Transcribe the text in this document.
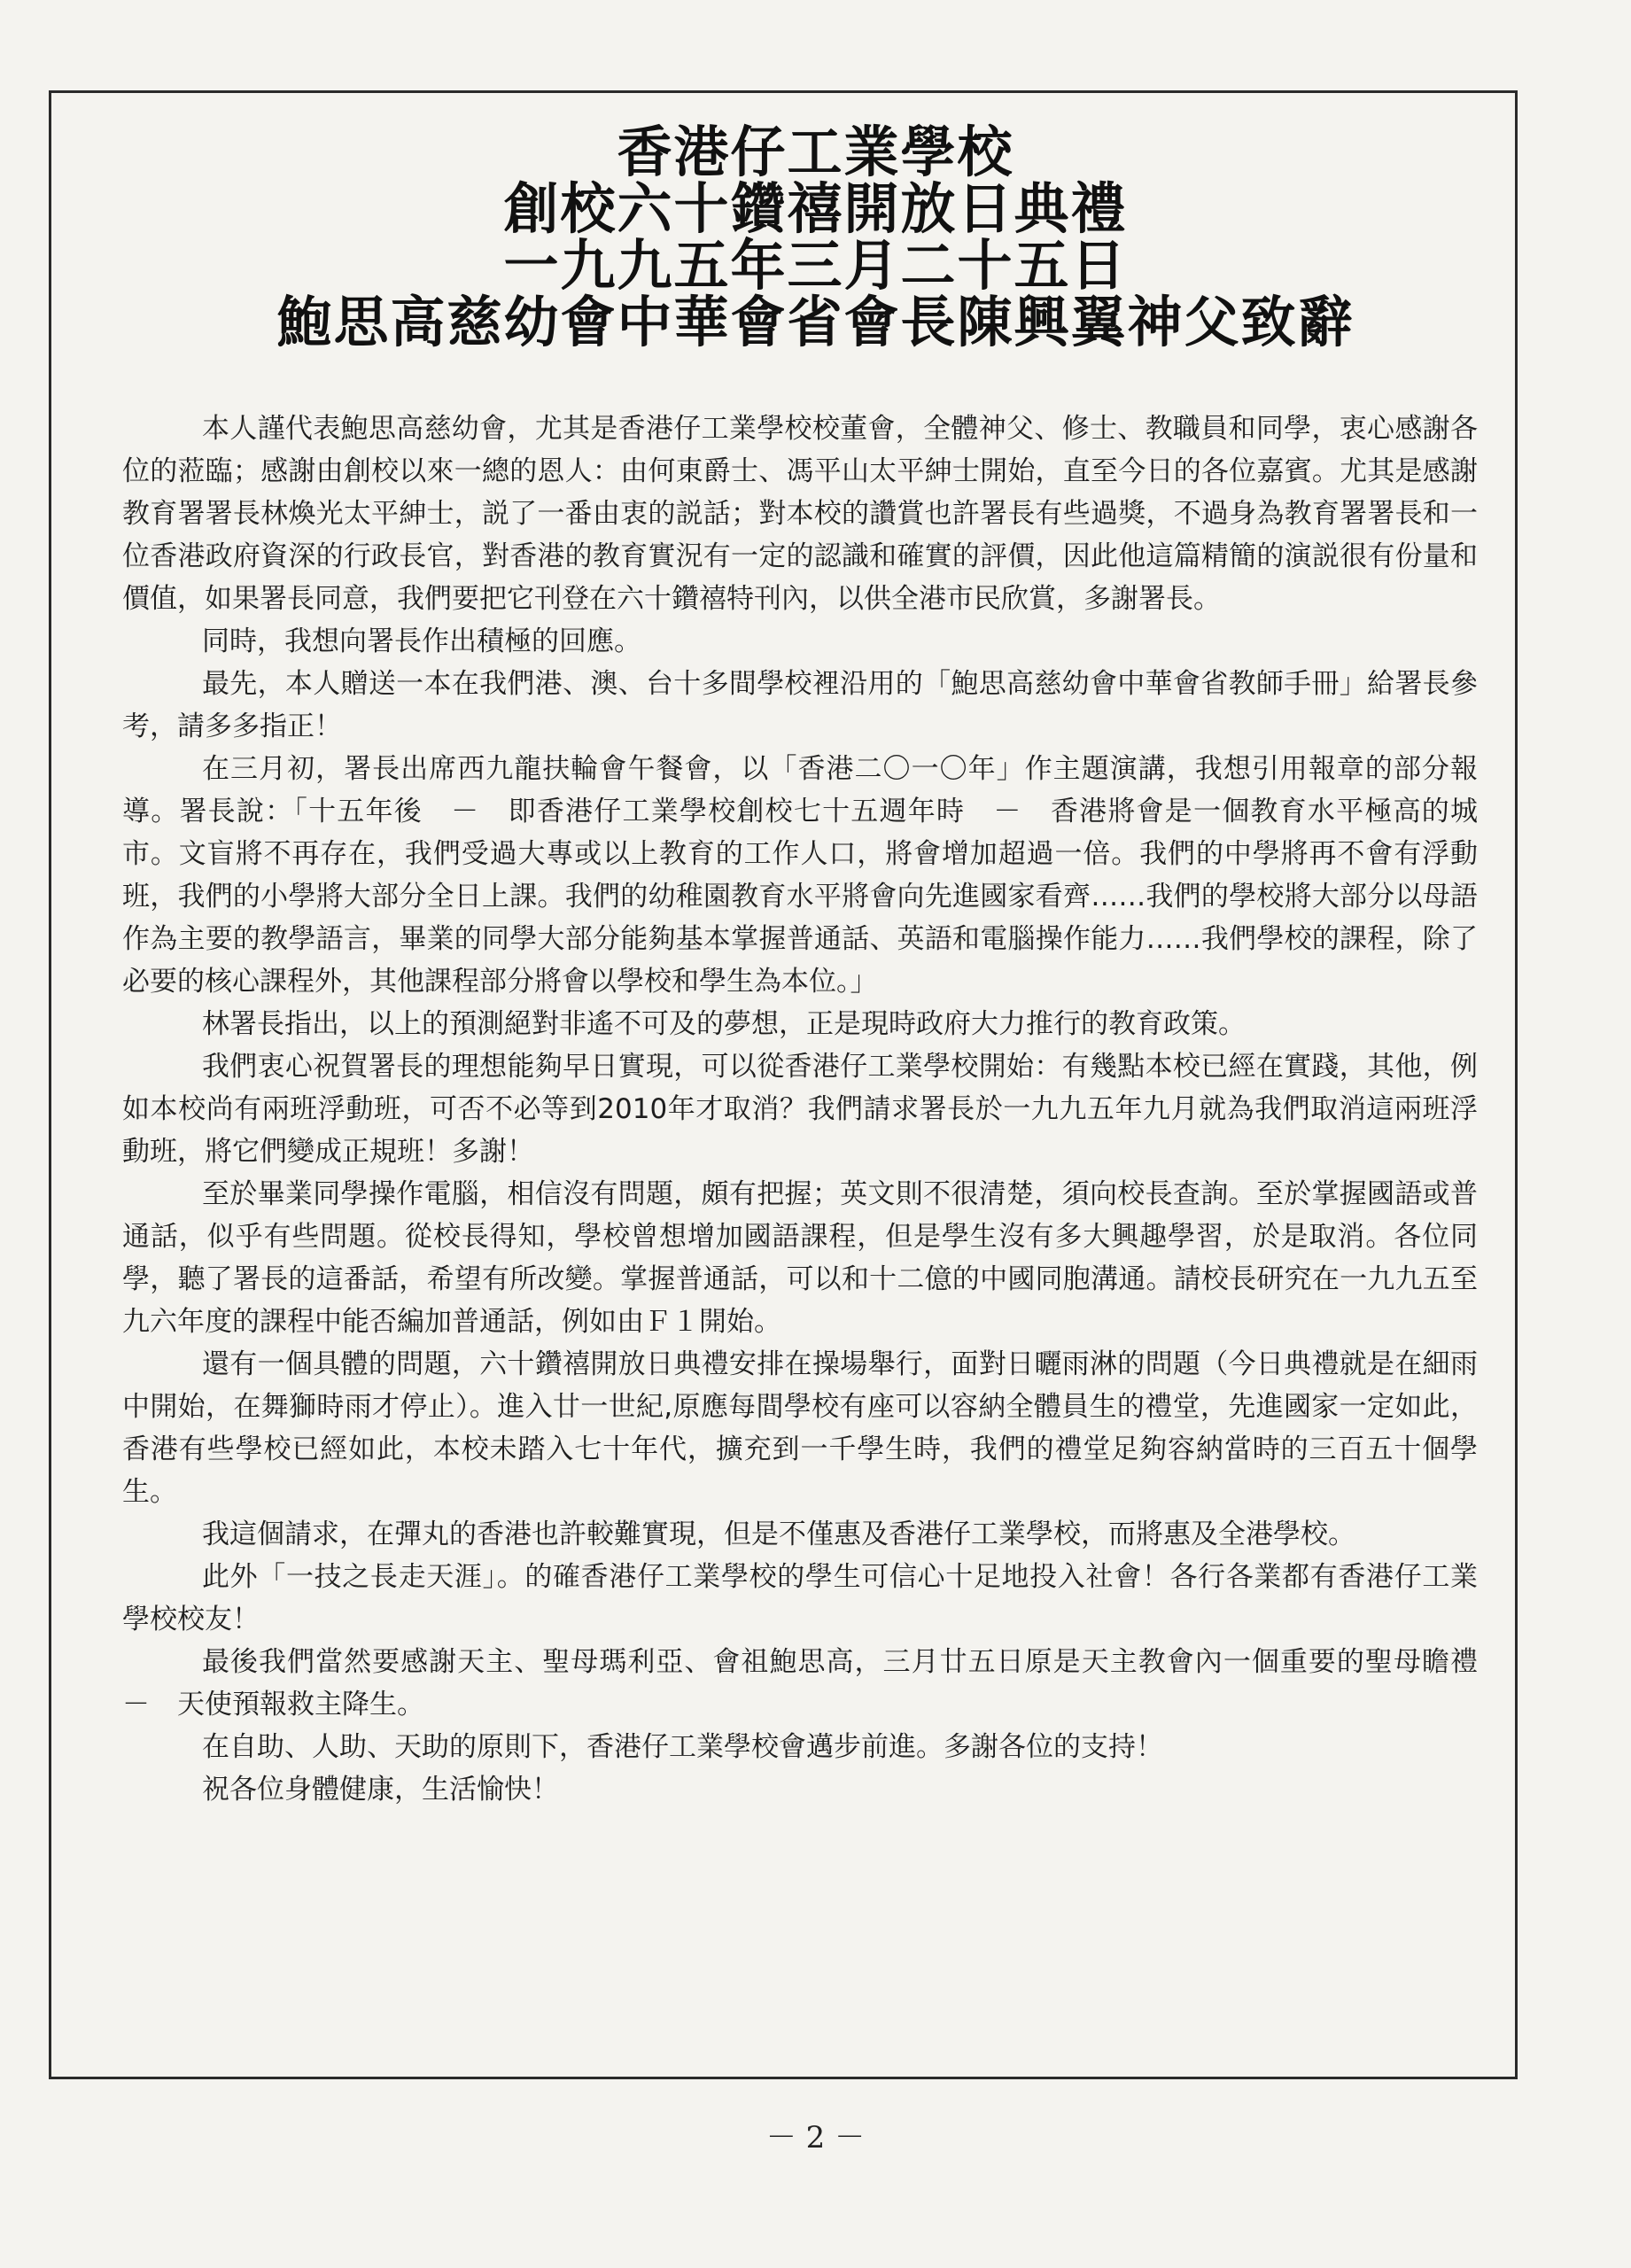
香港仔工業學校
創校六十鑽禧開放日典禮
一九九五年三月二十五日
鮑思高慈幼會中華會省會長陳興翼神父致辭

本人謹代表鮑思高慈幼會，尤其是香港仔工業學校校董會，全體神父、修士、教職員和同學，衷心感謝各位的蒞臨；感謝由創校以來一總的恩人：由何東爵士、馮平山太平紳士開始，直至今日的各位嘉賓。尤其是感謝教育署署長林煥光太平紳士，説了一番由衷的説話；對本校的讚賞也許署長有些過獎，不過身為教育署署長和一位香港政府資深的行政長官，對香港的教育實況有一定的認識和確實的評價，因此他這篇精簡的演説很有份量和價值，如果署長同意，我們要把它刊登在六十鑽禧特刊內，以供全港市民欣賞，多謝署長。

同時，我想向署長作出積極的回應。

最先，本人贈送一本在我們港、澳、台十多間學校裡沿用的「鮑思高慈幼會中華會省教師手冊」給署長參考，請多多指正！

在三月初，署長出席西九龍扶輪會午餐會，以「香港二〇一〇年」作主題演講，我想引用報章的部分報導。署長說：「十五年後　－　即香港仔工業學校創校七十五週年時　－　香港將會是一個教育水平極高的城市。文盲將不再存在，我們受過大專或以上教育的工作人口，將會增加超過一倍。我們的中學將再不會有浮動班，我們的小學將大部分全日上課。我們的幼稚園教育水平將會向先進國家看齊……我們的學校將大部分以母語作為主要的教學語言，畢業的同學大部分能夠基本掌握普通話、英語和電腦操作能力……我們學校的課程，除了必要的核心課程外，其他課程部分將會以學校和學生為本位。」

林署長指出，以上的預測絕對非遙不可及的夢想，正是現時政府大力推行的教育政策。

我們衷心祝賀署長的理想能夠早日實現，可以從香港仔工業學校開始：有幾點本校已經在實踐，其他，例如本校尚有兩班浮動班，可否不必等到2010年才取消？我們請求署長於一九九五年九月就為我們取消這兩班浮動班，將它們變成正規班！多謝！

至於畢業同學操作電腦，相信沒有問題，頗有把握；英文則不很清楚，須向校長查詢。至於掌握國語或普通話，似乎有些問題。從校長得知，學校曾想增加國語課程，但是學生沒有多大興趣學習，於是取消。各位同學，聽了署長的這番話，希望有所改變。掌握普通話，可以和十二億的中國同胞溝通。請校長研究在一九九五至九六年度的課程中能否編加普通話，例如由Ｆ１開始。

還有一個具體的問題，六十鑽禧開放日典禮安排在操場舉行，面對日曬雨淋的問題（今日典禮就是在細雨中開始，在舞獅時雨才停止）。進入廿一世紀,原應每間學校有座可以容納全體員生的禮堂，先進國家一定如此，香港有些學校已經如此，本校未踏入七十年代，擴充到一千學生時，我們的禮堂足夠容納當時的三百五十個學生。

我這個請求，在彈丸的香港也許較難實現，但是不僅惠及香港仔工業學校，而將惠及全港學校。

此外「一技之長走天涯」。的確香港仔工業學校的學生可信心十足地投入社會！各行各業都有香港仔工業學校校友！

最後我們當然要感謝天主、聖母瑪利亞、會祖鮑思高，三月廿五日原是天主教會內一個重要的聖母瞻禮　－　天使預報救主降生。

在自助、人助、天助的原則下，香港仔工業學校會邁步前進。多謝各位的支持！

祝各位身體健康，生活愉快！

－ 2 －
